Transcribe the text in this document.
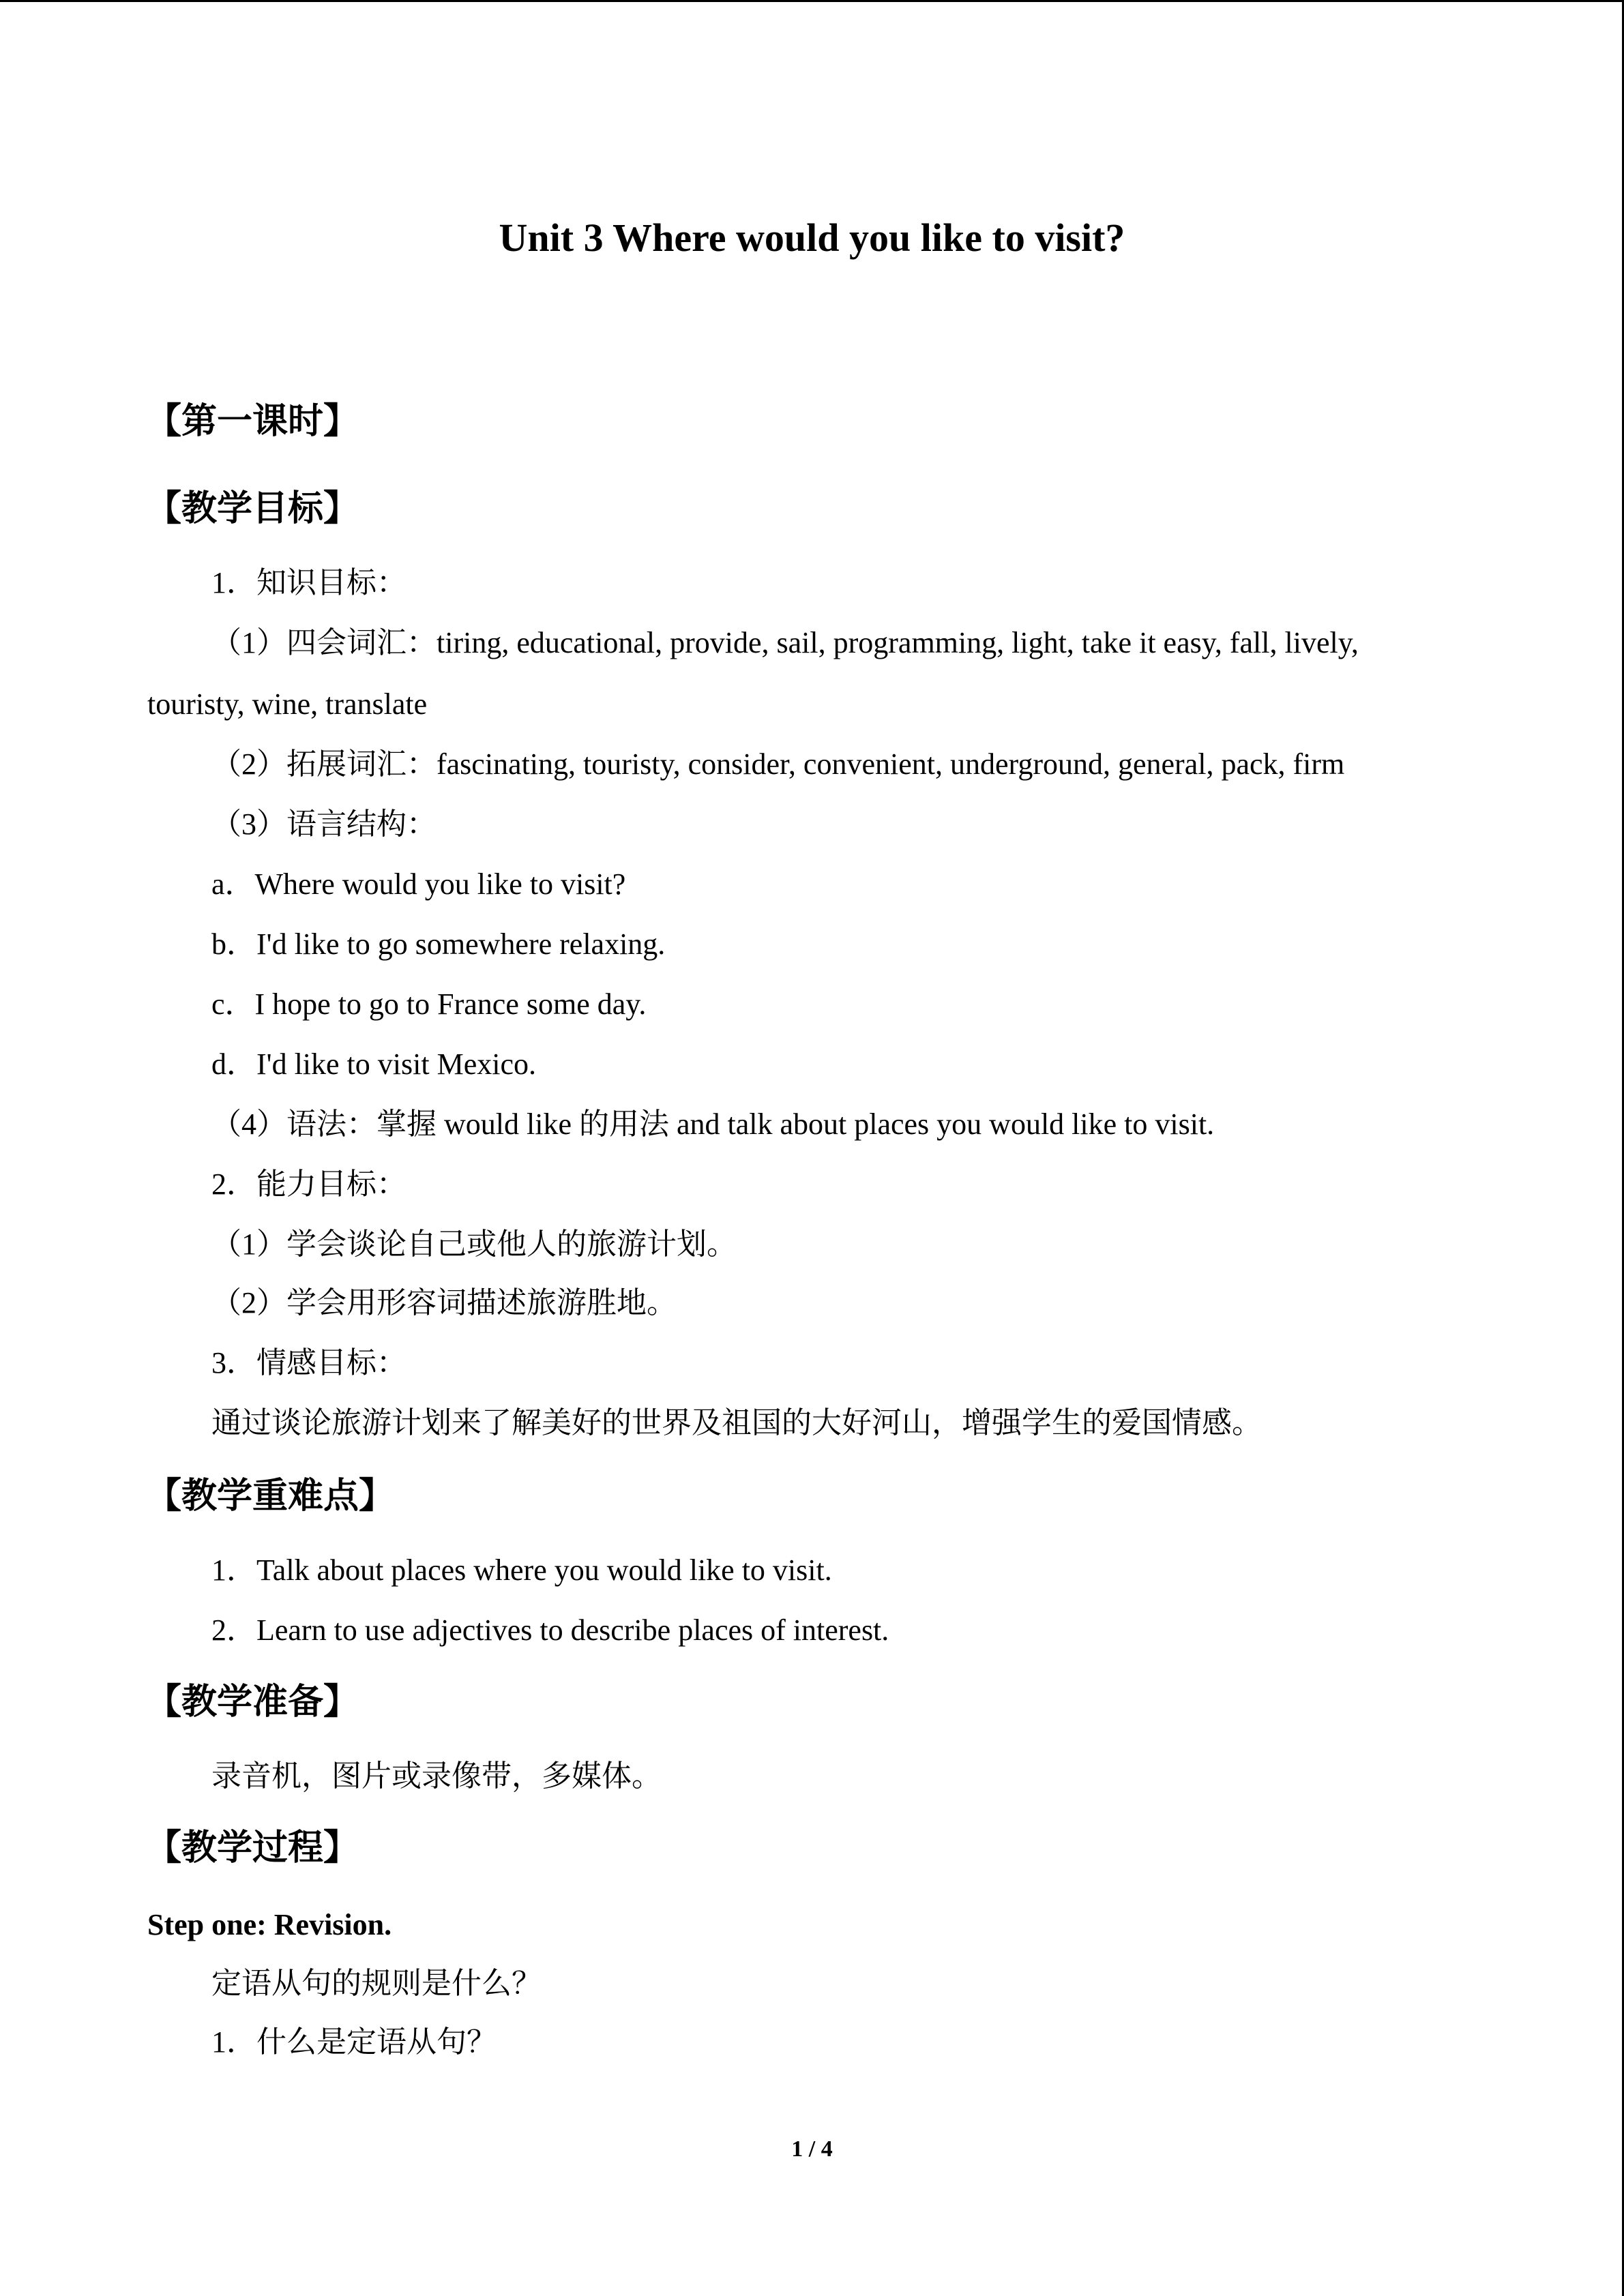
Unit 3 Where would you like to visit?
【第一课时】
【教学目标】
1．知识目标：
（1）四会词汇：tiring, educational, provide, sail, programming, light, take it easy, fall, lively,
touristy, wine, translate
（2）拓展词汇：fascinating, touristy, consider, convenient, underground, general, pack, firm
（3）语言结构：
a．Where would you like to visit?
b．I'd like to go somewhere relaxing.
c．I hope to go to France some day.
d．I'd like to visit Mexico.
（4）语法：掌握 would like 的用法 and talk about places you would like to visit.
2．能力目标：
（1）学会谈论自己或他人的旅游计划。
（2）学会用形容词描述旅游胜地。
3．情感目标：
通过谈论旅游计划来了解美好的世界及祖国的大好河山，增强学生的爱国情感。
【教学重难点】
1．Talk about places where you would like to visit.
2．Learn to use adjectives to describe places of interest.
【教学准备】
录音机，图片或录像带，多媒体。
【教学过程】
Step one: Revision.
定语从句的规则是什么？
1．什么是定语从句？
1 / 4
